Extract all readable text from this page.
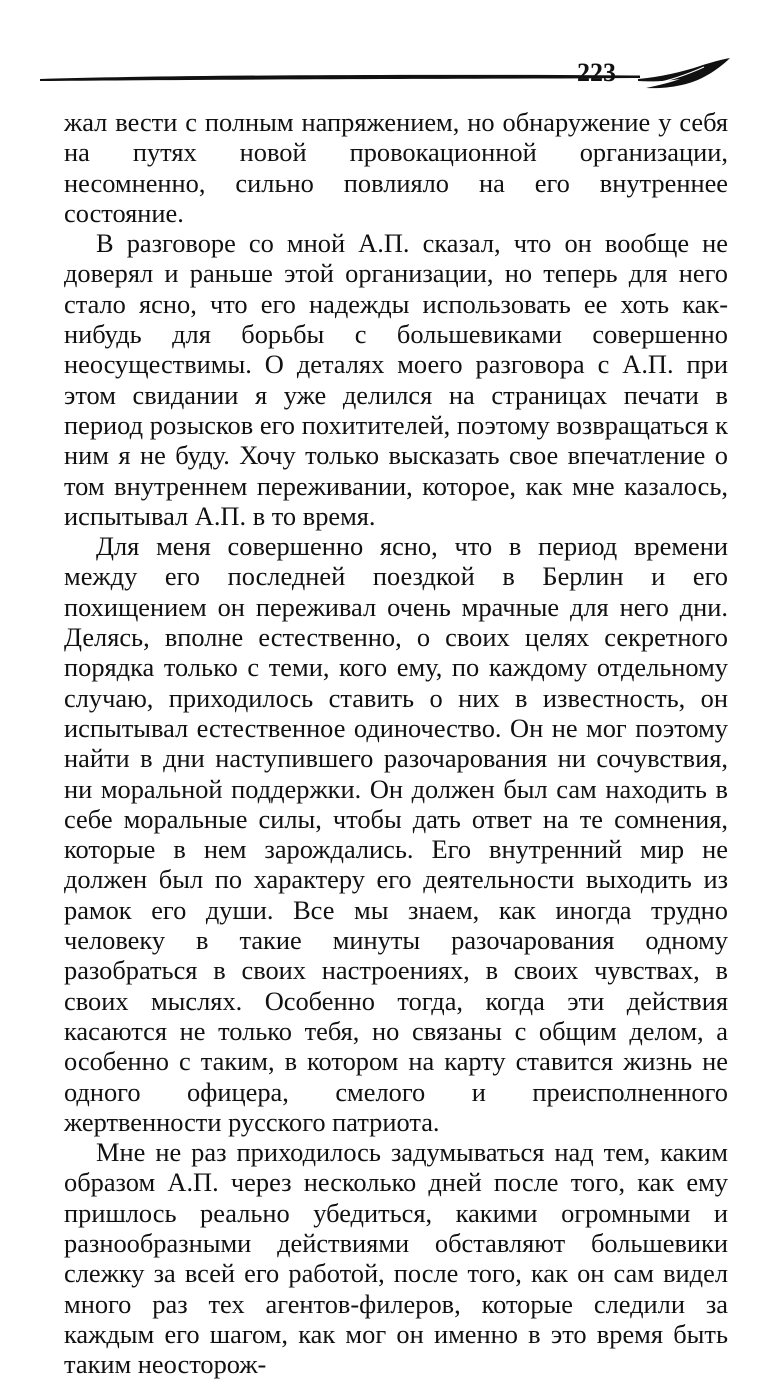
223

жал вести с полным напряжением, но обнаружение у себя на путях новой провокационной организации, несомненно, сильно повлияло на его внутреннее состояние.

В разговоре со мной А.П. сказал, что он вообще не доверял и раньше этой организации, но теперь для него стало ясно, что его надежды использовать ее хоть как-нибудь для борьбы с большевиками совершенно неосуществимы. О деталях моего разговора с А.П. при этом свидании я уже делился на страницах печати в период розысков его похитителей, поэтому возвращаться к ним я не буду. Хочу только высказать свое впечатление о том внутреннем переживании, которое, как мне казалось, испытывал А.П. в то время.

Для меня совершенно ясно, что в период времени между его последней поездкой в Берлин и его похищением он переживал очень мрачные для него дни. Делясь, вполне естественно, о своих целях секретного порядка только с теми, кого ему, по каждому отдельному случаю, приходилось ставить о них в известность, он испытывал естественное одиночество. Он не мог поэтому найти в дни наступившего разочарования ни сочувствия, ни моральной поддержки. Он должен был сам находить в себе моральные силы, чтобы дать ответ на те сомнения, которые в нем зарождались. Его внутренний мир не должен был по характеру его деятельности выходить из рамок его души. Все мы знаем, как иногда трудно человеку в такие минуты разочарования одному разобраться в своих настроениях, в своих чувствах, в своих мыслях. Особенно тогда, когда эти действия касаются не только тебя, но связаны с общим делом, а особенно с таким, в котором на карту ставится жизнь не одного офицера, смелого и преисполненного жертвенности русского патриота.

Мне не раз приходилось задумываться над тем, каким образом А.П. через несколько дней после того, как ему пришлось реально убедиться, какими огромными и разнообразными действиями обставляют большевики слежку за всей его работой, после того, как он сам видел много раз тех агентов-филеров, которые следили за каждым его шагом, как мог он именно в это время быть таким неосторож-
